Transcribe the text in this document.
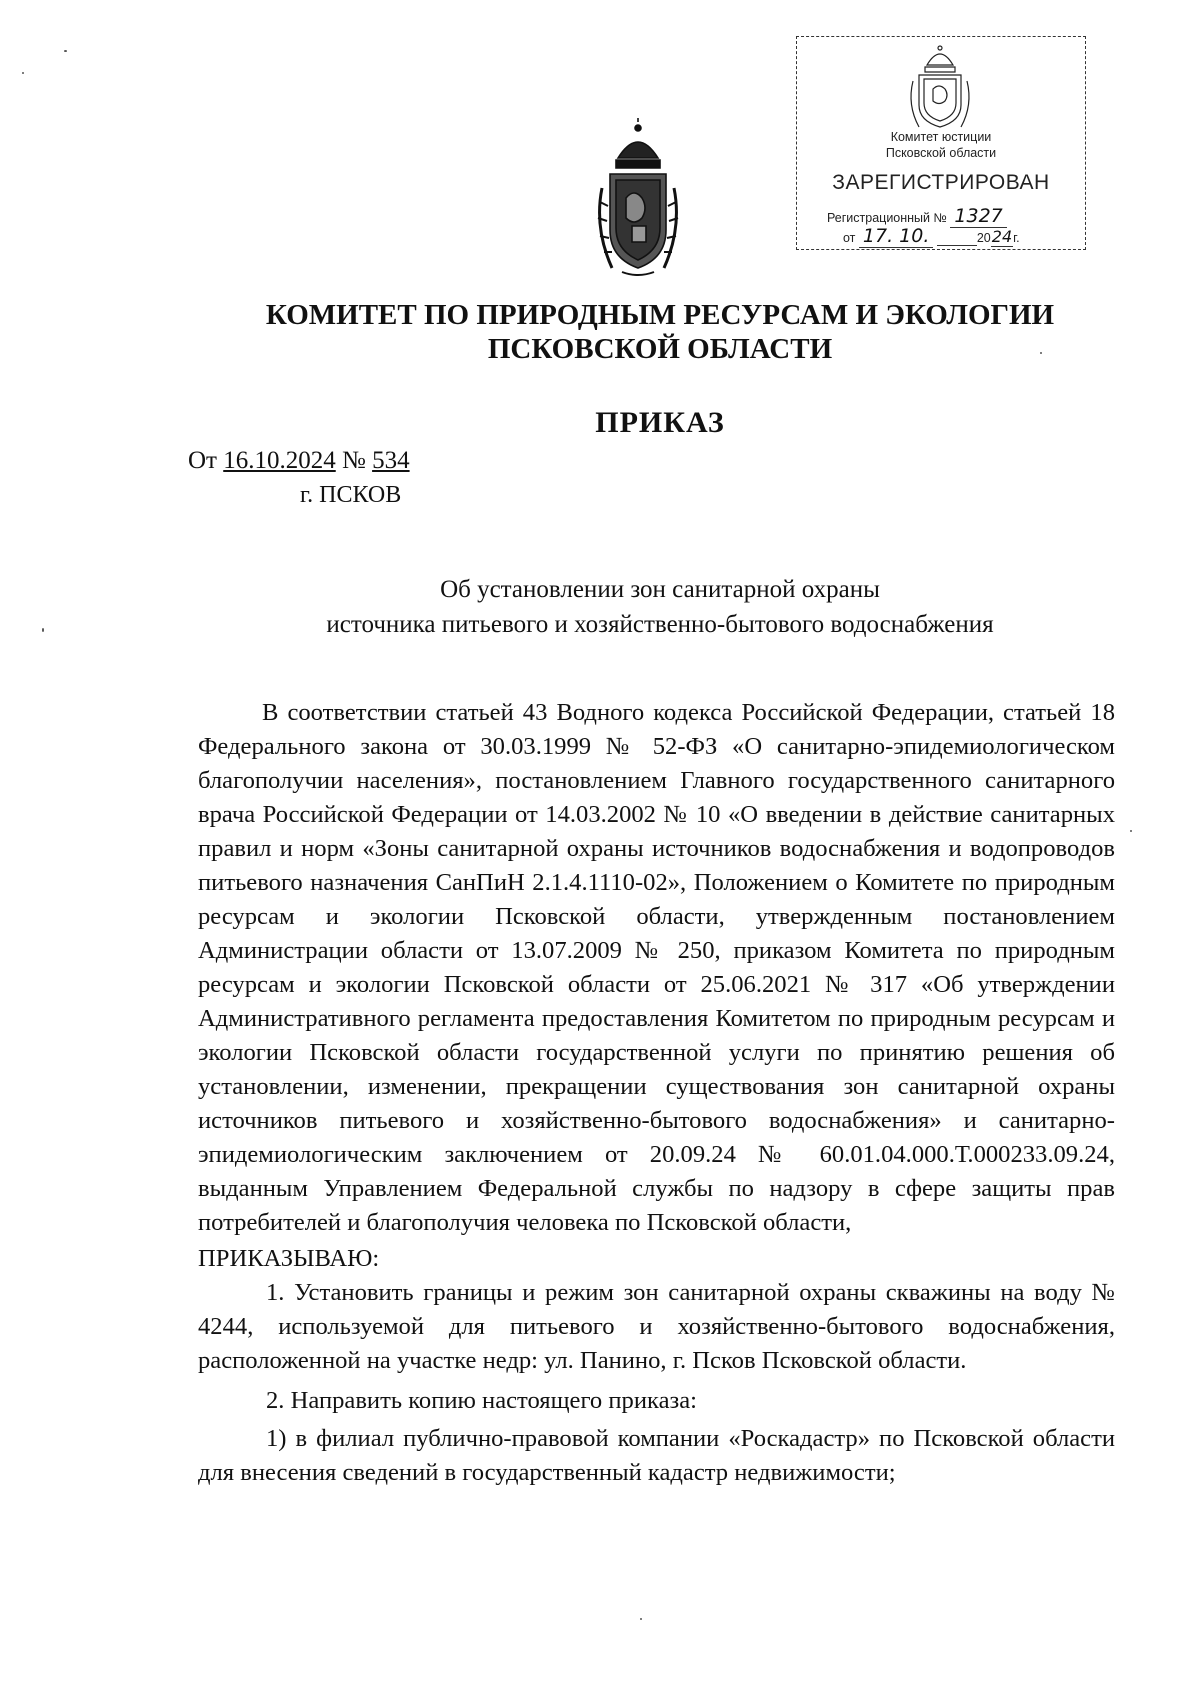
Комитет юстиции
Псковской области
ЗАРЕГИСТРИРОВАН
Регистрационный № 1327
от 17. 10.	2024г.
КОМИТЕТ ПО ПРИРОДНЫМ РЕСУРСАМ И ЭКОЛОГИИ
ПСКОВСКОЙ ОБЛАСТИ
ПРИКАЗ
От 16.10.2024 № 534
г. ПСКОВ
Об установлении зон санитарной охраны
источника питьевого и хозяйственно-бытового водоснабжения

В соответствии статьей 43 Водного кодекса Российской Федерации, статьей 18 Федерального закона от 30.03.1999 № 52-ФЗ «О санитарно-эпидемиологическом благополучии населения», постановлением Главного государственного санитарного врача Российской Федерации от 14.03.2002 № 10 «О введении в действие санитарных правил и норм «Зоны санитарной охраны источников водоснабжения и водопроводов питьевого назначения СанПиН 2.1.4.1110-02», Положением о Комитете по природным ресурсам и экологии Псковской области, утвержденным постановлением Администрации области от 13.07.2009 № 250, приказом Комитета по природным ресурсам и экологии Псковской области от 25.06.2021 № 317 «Об утверждении Административного регламента предоставления Комитетом по природным ресурсам и экологии Псковской области государственной услуги по принятию решения об установлении, изменении, прекращении существования зон санитарной охраны источников питьевого и хозяйственно-бытового водоснабжения» и санитарно-эпидемиологическим заключением от 20.09.24 № 60.01.04.000.Т.000233.09.24, выданным Управлением Федеральной службы по надзору в сфере защиты прав потребителей и благополучия человека по Псковской области,

ПРИКАЗЫВАЮ:

1. Установить границы и режим зон санитарной охраны скважины на воду № 4244, используемой для питьевого и хозяйственно-бытового водоснабжения, расположенной на участке недр: ул. Панино, г. Псков Псковской области.

2. Направить копию настоящего приказа:

1) в филиал публично-правовой компании «Роскадастр» по Псковской области для внесения сведений в государственный кадастр недвижимости;
